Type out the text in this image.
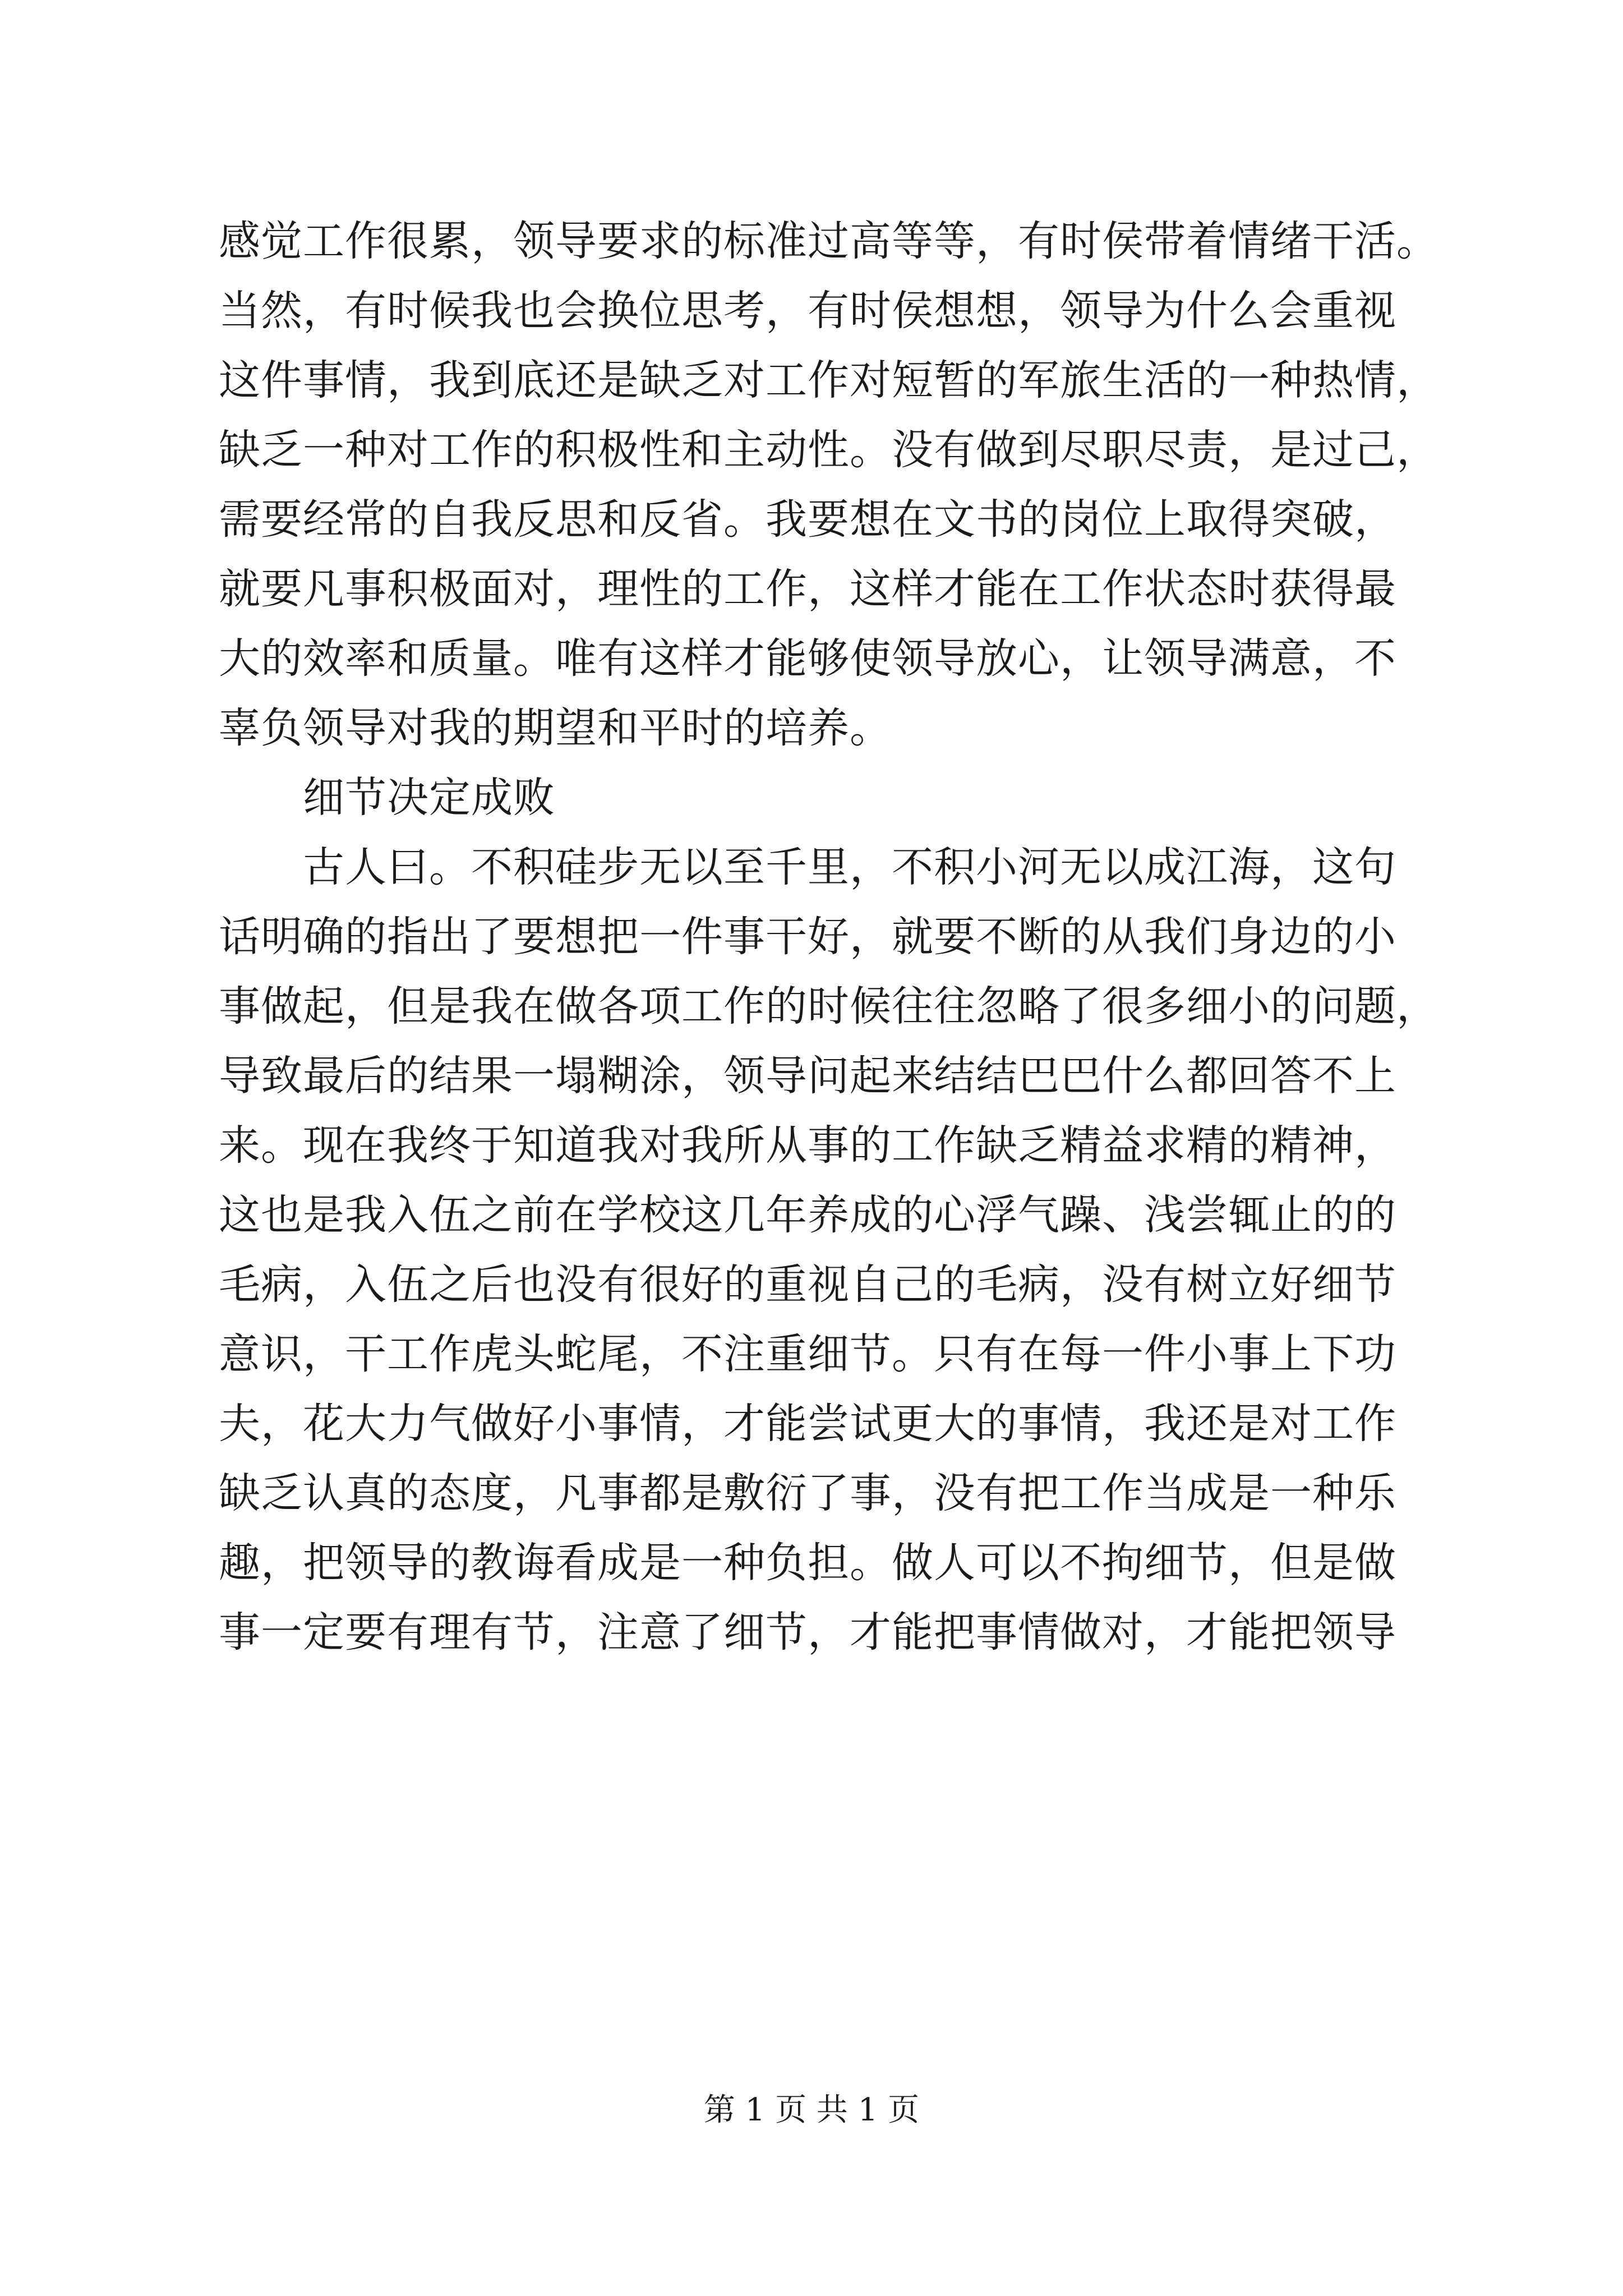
感觉工作很累，领导要求的标准过高等等，有时侯带着情绪干活。
当然，有时候我也会换位思考，有时侯想想，领导为什么会重视
这件事情，我到底还是缺乏对工作对短暂的军旅生活的一种热情，
缺乏一种对工作的积极性和主动性。没有做到尽职尽责，是过己，
需要经常的自我反思和反省。我要想在文书的岗位上取得突破，
就要凡事积极面对，理性的工作，这样才能在工作状态时获得最
大的效率和质量。唯有这样才能够使领导放心，让领导满意，不
辜负领导对我的期望和平时的培养。
细节决定成败
古人曰。不积硅步无以至千里，不积小河无以成江海，这句
话明确的指出了要想把一件事干好，就要不断的从我们身边的小
事做起，但是我在做各项工作的时候往往忽略了很多细小的问题，
导致最后的结果一塌糊涂，领导问起来结结巴巴什么都回答不上
来。现在我终于知道我对我所从事的工作缺乏精益求精的精神，
这也是我入伍之前在学校这几年养成的心浮气躁、浅尝辄止的的
毛病，入伍之后也没有很好的重视自己的毛病，没有树立好细节
意识，干工作虎头蛇尾，不注重细节。只有在每一件小事上下功
夫，花大力气做好小事情，才能尝试更大的事情，我还是对工作
缺乏认真的态度，凡事都是敷衍了事，没有把工作当成是一种乐
趣，把领导的教诲看成是一种负担。做人可以不拘细节，但是做
事一定要有理有节，注意了细节，才能把事情做对，才能把领导
第 1 页 共 1 页
